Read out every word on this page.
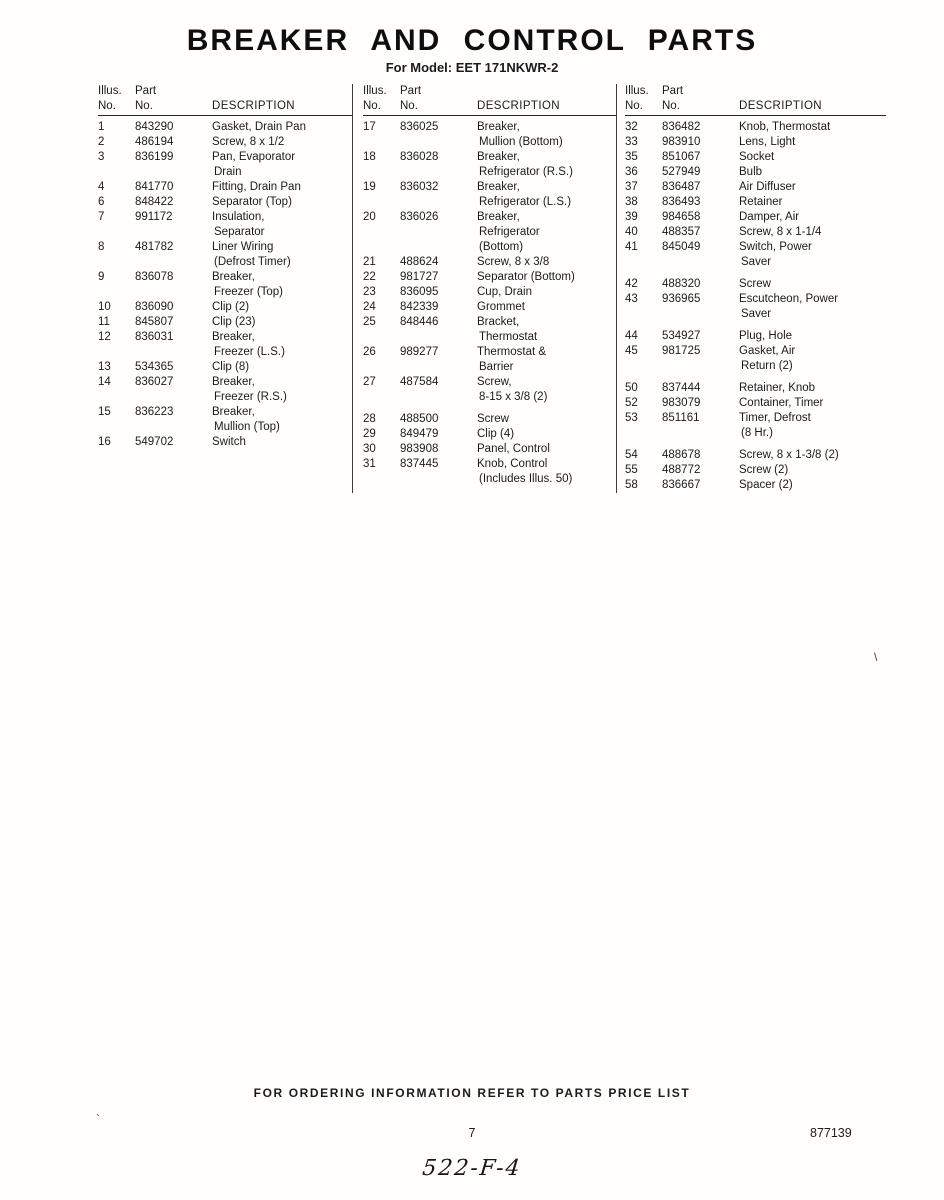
BREAKER AND CONTROL PARTS
For Model: EET 171NKWR-2
Illus.	Part
No.	No.	DESCRIPTION
1	843290	Gasket, Drain Pan
2	486194	Screw, 8 x 1/2
3	836199	Pan, Evaporator
Drain
4	841770	Fitting, Drain Pan
6	848422	Separator (Top)
7	991172	Insulation,
Separator
8	481782	Liner Wiring
(Defrost Timer)
9	836078	Breaker,
Freezer (Top)
10	836090	Clip (2)
11	845807	Clip (23)
12	836031	Breaker,
Freezer (L.S.)
13	534365	Clip (8)
14	836027	Breaker,
Freezer (R.S.)
15	836223	Breaker,
Mullion (Top)
16	549702	Switch
Illus.	Part
No.	No.	DESCRIPTION
17	836025	Breaker,
Mullion (Bottom)
18	836028	Breaker,
Refrigerator (R.S.)
19	836032	Breaker,
Refrigerator (L.S.)
20	836026	Breaker,
Refrigerator
(Bottom)
21	488624	Screw, 8 x 3/8
22	981727	Separator (Bottom)
23	836095	Cup, Drain
24	842339	Grommet
25	848446	Bracket,
Thermostat
26	989277	Thermostat &
Barrier
27	487584	Screw,
8-15 x 3/8 (2)
28	488500	Screw
29	849479	Clip (4)
30	983908	Panel, Control
31	837445	Knob, Control
(Includes Illus. 50)
Illus.	Part
No.	No.	DESCRIPTION
32	836482	Knob, Thermostat
33	983910	Lens, Light
35	851067	Socket
36	527949	Bulb
37	836487	Air Diffuser
38	836493	Retainer
39	984658	Damper, Air
40	488357	Screw, 8 x 1-1/4
41	845049	Switch, Power
Saver
42	488320	Screw
43	936965	Escutcheon, Power
Saver
44	534927	Plug, Hole
45	981725	Gasket, Air
Return (2)
50	837444	Retainer, Knob
52	983079	Container, Timer
53	851161	Timer, Defrost
(8 Hr.)
54	488678	Screw, 8 x 1-3/8 (2)
55	488772	Screw (2)
58	836667	Spacer (2)
FOR ORDERING INFORMATION REFER TO PARTS PRICE LIST
7	877139
522-F-4
\
`
